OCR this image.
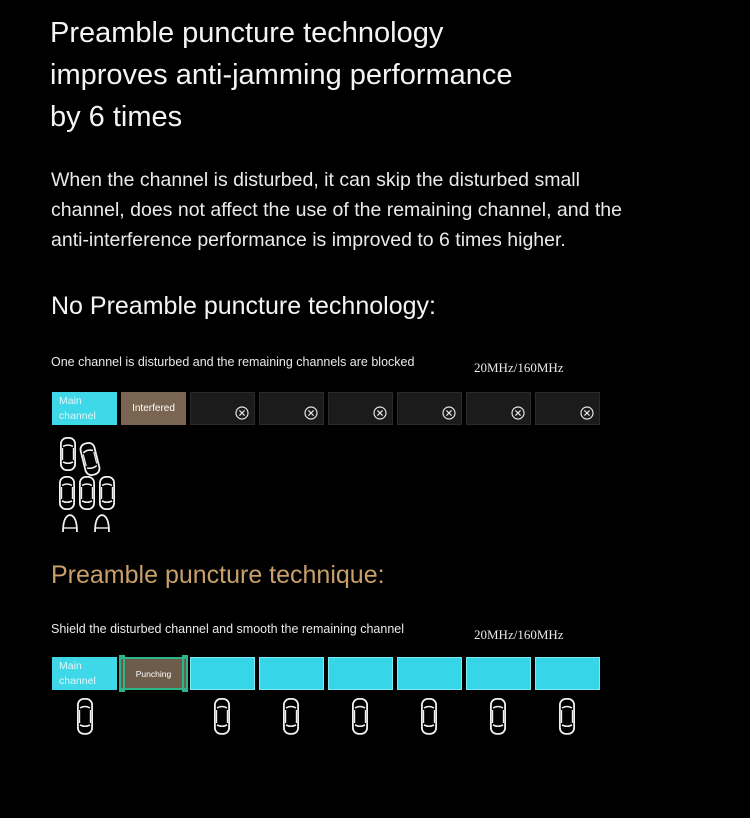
Preamble puncture technology
improves anti-jamming performance
by 6 times
When the channel is disturbed, it can skip the disturbed small
channel, does not affect the use of the remaining channel, and the
anti-interference performance is improved to 6 times higher.
No Preamble puncture technology:
One channel is disturbed and the remaining channels are blocked	20MHz/160MHz
Main
channel
Interfered
Preamble puncture technique:
Shield the disturbed channel and smooth the remaining channel	20MHz/160MHz
Main
channel
Punching
